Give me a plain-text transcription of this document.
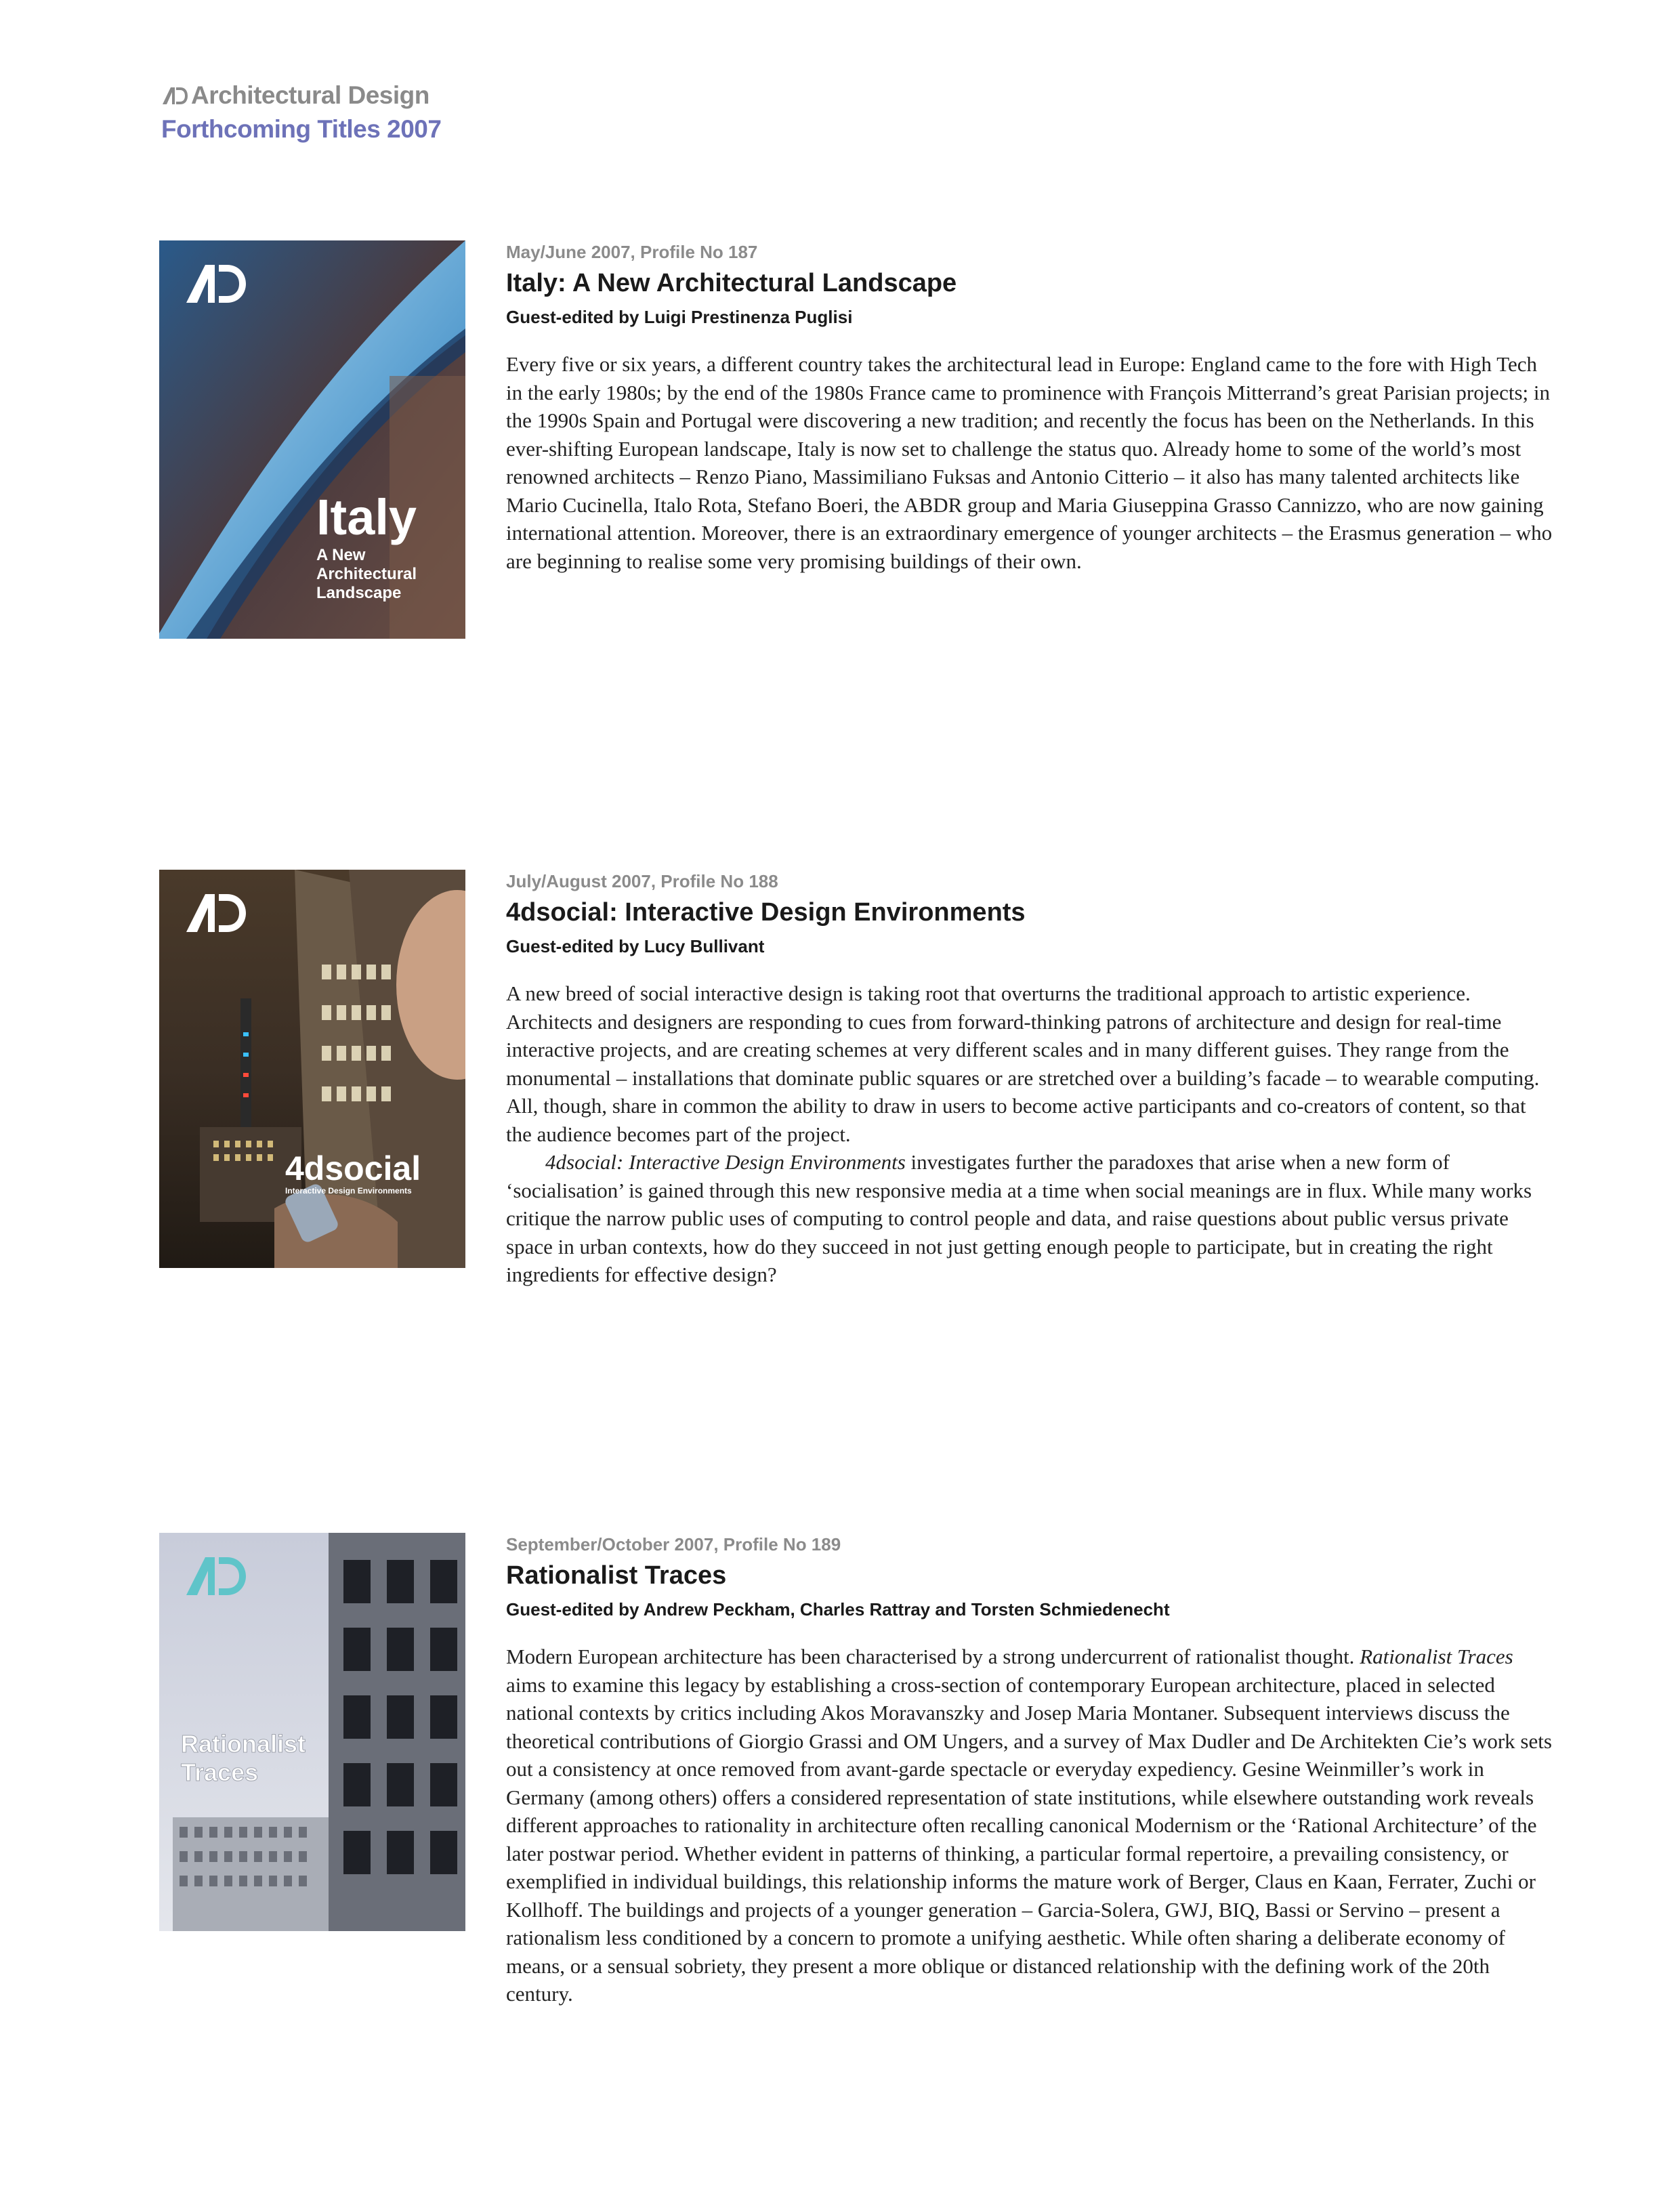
Architectural Design
Forthcoming Titles 2007
Italy
A New
Architectural
Landscape

May/June 2007, Profile No 187

Italy: A New Architectural Landscape

Guest-edited by Luigi Prestinenza Puglisi

Every five or six years, a different country takes the architectural lead in Europe: England came to the fore with High Tech in the early 1980s; by the end of the 1980s France came to prominence with François Mitterrand’s great Parisian projects; in the 1990s Spain and Portugal were discovering a new tradition; and recently the focus has been on the Netherlands. In this ever-shifting European landscape, Italy is now set to challenge the status quo. Already home to some of the world’s most renowned architects – Renzo Piano, Massimiliano Fuksas and Antonio Citterio – it also has many talented architects like Mario Cucinella, Italo Rota, Stefano Boeri, the ABDR group and Maria Giuseppina Grasso Cannizzo, who are now gaining international attention. Moreover, there is an extraordinary emergence of younger architects – the Erasmus generation – who are beginning to realise some very promising buildings of their own.

4dsocial
Interactive Design Environments

July/August 2007, Profile No 188

4dsocial: Interactive Design Environments

Guest-edited by Lucy Bullivant

A new breed of social interactive design is taking root that overturns the traditional approach to artistic experience. Architects and designers are responding to cues from forward-thinking patrons of architecture and design for real-time interactive projects, and are creating schemes at very different scales and in many different guises. They range from the monumental – installations that dominate public squares or are stretched over a building’s facade – to wearable computing. All, though, share in common the ability to draw in users to become active participants and co-creators of content, so that the audience becomes part of the project.

4dsocial: Interactive Design Environments investigates further the paradoxes that arise when a new form of ‘socialisation’ is gained through this new responsive media at a time when social meanings are in flux. While many works critique the narrow public uses of computing to control people and data, and raise questions about public versus private space in urban contexts, how do they succeed in not just getting enough people to participate, but in creating the right ingredients for effective design?

Rationalist
Traces

September/October 2007, Profile No 189

Rationalist Traces

Guest-edited by Andrew Peckham, Charles Rattray and Torsten Schmiedenecht

Modern European architecture has been characterised by a strong undercurrent of rationalist thought. Rationalist Traces aims to examine this legacy by establishing a cross-section of contemporary European architecture, placed in selected national contexts by critics including Akos Moravanszky and Josep Maria Montaner. Subsequent interviews discuss the theoretical contributions of Giorgio Grassi and OM Ungers, and a survey of Max Dudler and De Architekten Cie’s work sets out a consistency at once removed from avant-garde spectacle or everyday expediency. Gesine Weinmiller’s work in Germany (among others) offers a considered representation of state institutions, while elsewhere outstanding work reveals different approaches to rationality in architecture often recalling canonical Modernism or the ‘Rational Architecture’ of the later postwar period. Whether evident in patterns of thinking, a particular formal repertoire, a prevailing consistency, or exemplified in individual buildings, this relationship informs the mature work of Berger, Claus en Kaan, Ferrater, Zuchi or Kollhoff. The buildings and projects of a younger generation – Garcia-Solera, GWJ, BIQ, Bassi or Servino – present a rationalism less conditioned by a concern to promote a unifying aesthetic. While often sharing a deliberate economy of means, or a sensual sobriety, they present a more oblique or distanced relationship with the defining work of the 20th century.
